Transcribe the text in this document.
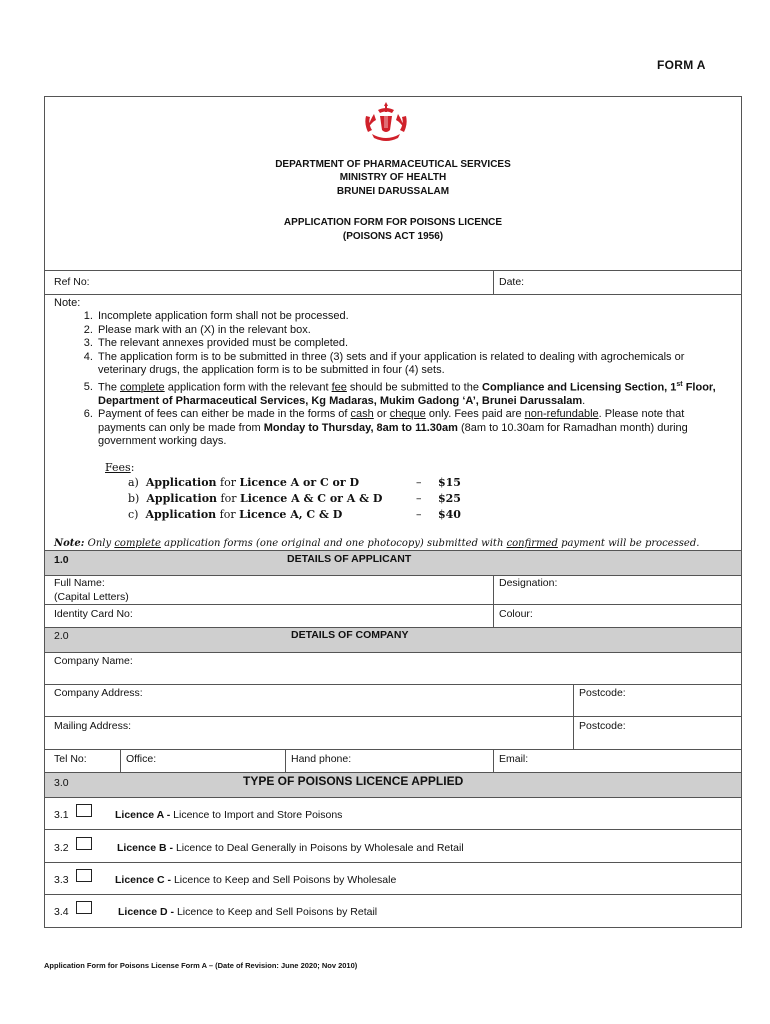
FORM A
DEPARTMENT OF PHARMACEUTICAL SERVICES
MINISTRY OF HEALTH
BRUNEI DARUSSALAM
APPLICATION FORM FOR POISONS LICENCE
(POISONS ACT 1956)
Ref No:	Date:
Note:
1. Incomplete application form shall not be processed.
2. Please mark with an (X) in the relevant box.
3. The relevant annexes provided must be completed.
4. The application form is to be submitted in three (3) sets and if your application is related to dealing with agrochemicals or veterinary drugs, the application form is to be submitted in four (4) sets.
5. The complete application form with the relevant fee should be submitted to the Compliance and Licensing Section, 1st Floor, Department of Pharmaceutical Services, Kg Madaras, Mukim Gadong ‘A’, Brunei Darussalam.
6. Payment of fees can either be made in the forms of cash or cheque only. Fees paid are non-refundable. Please note that payments can only be made from Monday to Thursday, 8am to 11.30am (8am to 10.30am for Ramadhan month) during government working days.
Fees:
a) Application for Licence A or C or D	– $15
b) Application for Licence A & C or A & D	– $25
c) Application for Licence A, C & D	– $40
Note: Only complete application forms (one original and one photocopy) submitted with confirmed payment will be processed.
1.0	DETAILS OF APPLICANT
Full Name:
(Capital Letters)
Designation:
Identity Card No:	Colour:
2.0	DETAILS OF COMPANY
Company Name:
Company Address:	Postcode:
Mailing Address:	Postcode:
Tel No:	Office:	Hand phone:	Email:
3.0	TYPE OF POISONS LICENCE APPLIED
3.1	Licence A - Licence to Import and Store Poisons
3.2	Licence B - Licence to Deal Generally in Poisons by Wholesale and Retail
3.3	Licence C - Licence to Keep and Sell Poisons by Wholesale
3.4	Licence D - Licence to Keep and Sell Poisons by Retail
Application Form for Poisons License Form A – (Date of Revision: June 2020; Nov 2010)
